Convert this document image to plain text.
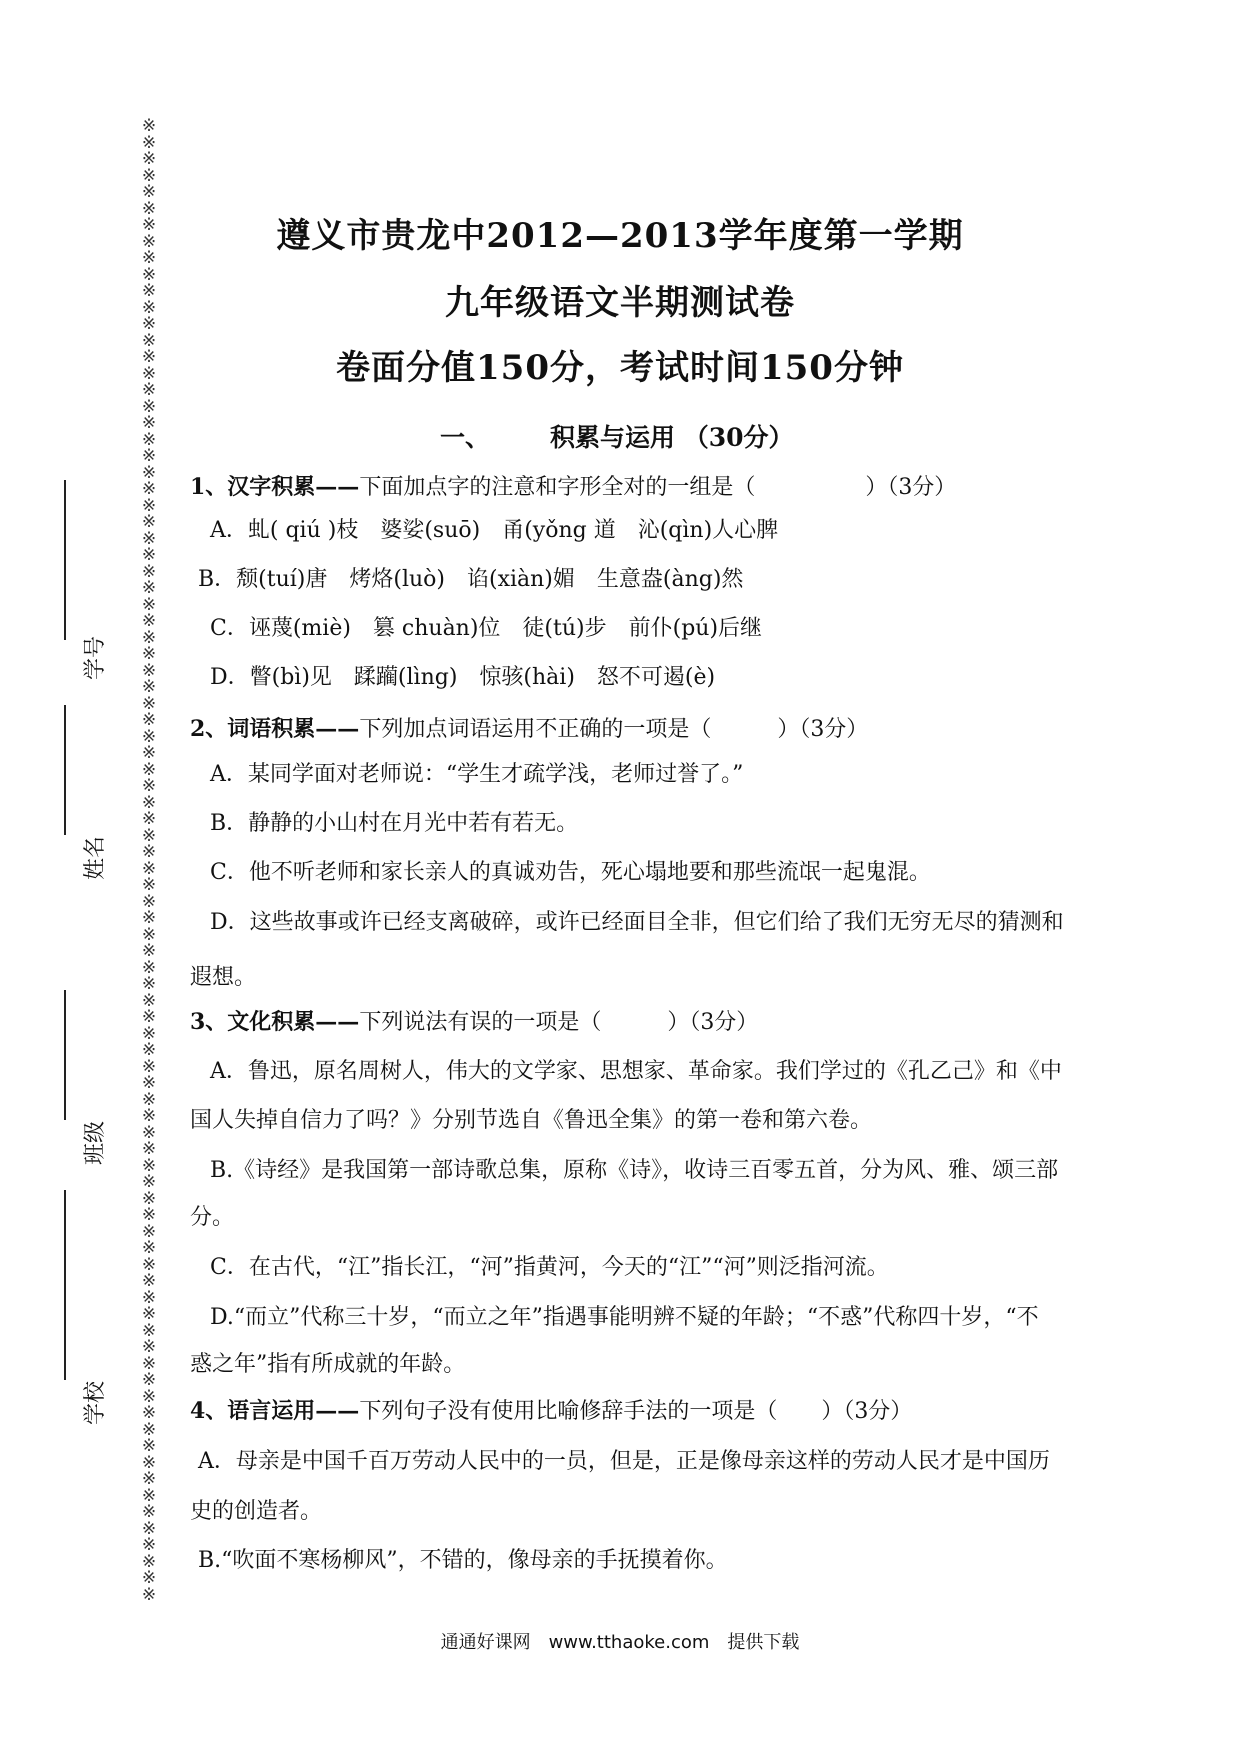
※
※
※
※
※
※
※
※
※
※
※
※
※
※
※
※
※
※
※
※
※
※
※
※
※
※
※
※
※
※
※
※
※
※
※
※
※
※
※
※
※
※
※
※
※
※
※
※
※
※
※
※
※
※
※
※
※
※
※
※
※
※
※
※
※
※
※
※
※
※
※
※
※
※
※
※
※
※
※
※
※
※
※
※
※
※
※
※
※
※

学号
姓名
班级
学校
遵义市贵龙中2012—2013学年度第一学期
九年级语文半期测试卷
卷面分值150分，考试时间150分钟
一、 积累与运用 （30分）
1、汉字积累——下面加点字的注意和字形全对的一组是（　　　　　）（3分）
A．虬( qiú )枝　婆娑(suō)　甬(yǒng 道　沁(qìn)人心脾
B．颓(tuí)唐　烤烙(luò)　谄(xiàn)媚　生意盎(àng)然
C．诬蔑(miè)　篡 chuàn)位　徒(tú)步　前仆(pú)后继
D．瞥(bì)见　蹂躏(lìng)　惊骇(hài)　怒不可遏(è)
2、词语积累——下列加点词语运用不正确的一项是（　　　）（3分）
A．某同学面对老师说：“学生才疏学浅，老师过誉了。”
B．静静的小山村在月光中若有若无。
C．他不听老师和家长亲人的真诚劝告，死心塌地要和那些流氓一起鬼混。
D．这些故事或许已经支离破碎，或许已经面目全非，但它们给了我们无穷无尽的猜测和
遐想。
3、文化积累——下列说法有误的一项是（　　　）（3分）
A．鲁迅，原名周树人，伟大的文学家、思想家、革命家。我们学过的《孔乙己》和《中
国人失掉自信力了吗？》分别节选自《鲁迅全集》的第一卷和第六卷。
B.《诗经》是我国第一部诗歌总集，原称《诗》，收诗三百零五首，分为风、雅、颂三部
分。
C．在古代，“江”指长江，“河”指黄河，今天的“江”“河”则泛指河流。
D.“而立”代称三十岁，“而立之年”指遇事能明辨不疑的年龄；“不惑”代称四十岁，“不
惑之年”指有所成就的年龄。
4、语言运用——下列句子没有使用比喻修辞手法的一项是（　　）（3分）
A．母亲是中国千百万劳动人民中的一员，但是，正是像母亲这样的劳动人民才是中国历
史的创造者。
B.“吹面不寒杨柳风”，不错的，像母亲的手抚摸着你。
通通好课网　www.tthaoke.com　提供下载
